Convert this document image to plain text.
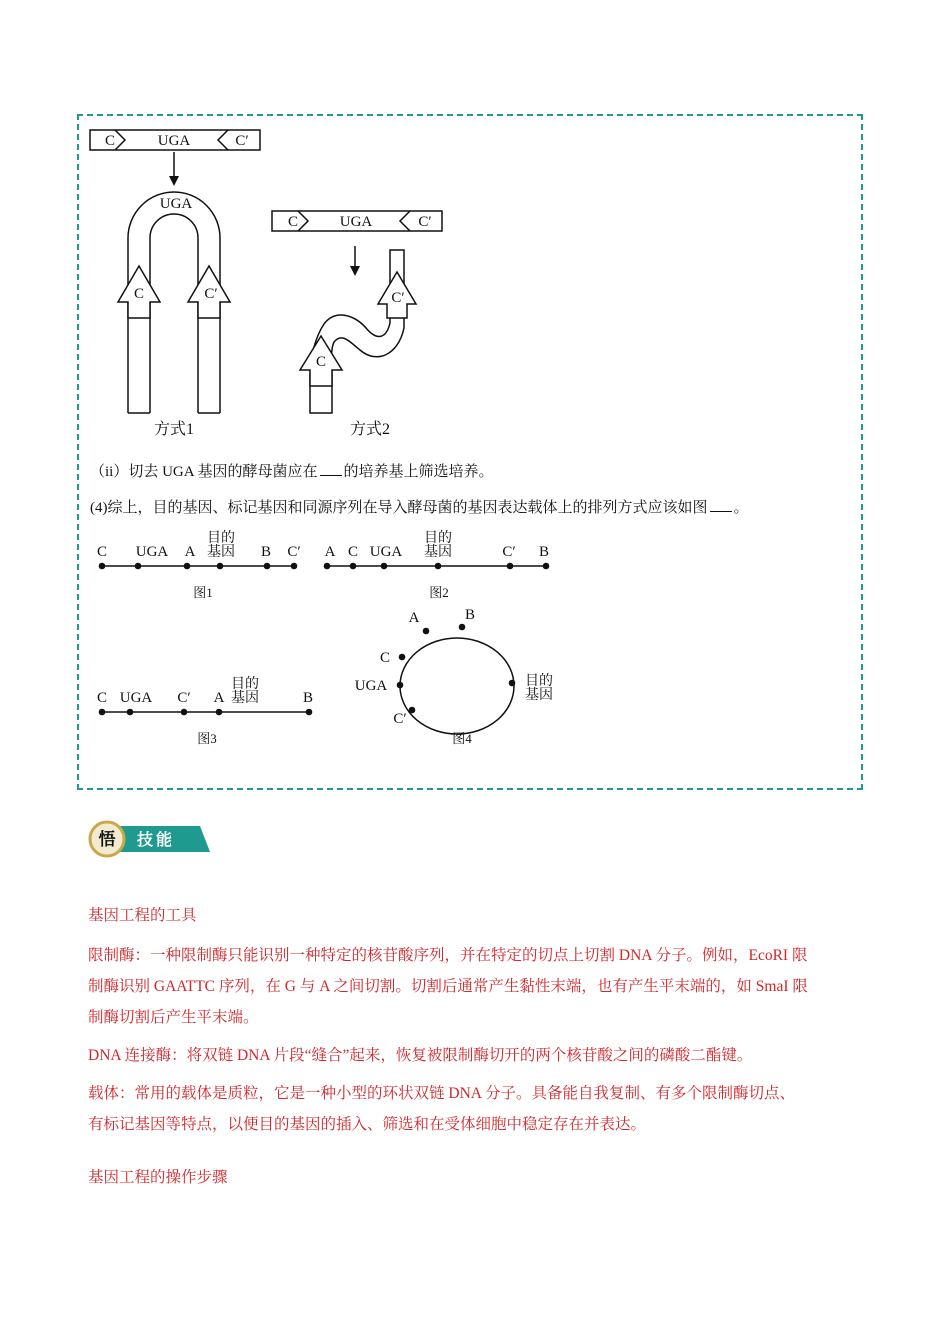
C	UGA	C′
UGA
C	C′
方式1
C	UGA	C′
C′
C
方式2
（ii）切去 UGA 基因的酵母菌应在 的培养基上筛选培养。
(4)综上，目的基因、标记基因和同源序列在导入酵母菌的基因表达载体上的排列方式应该如图 。
C UGA A
目的
基因 B C′
图1
A C UGA
目的
基因	C′ B
图2
C UGA C′ A
目的
基因	B
图3
A	B
C
UGA
C′
目的
基因
图4
悟 技能
基因工程的工具
限制酶：一种限制酶只能识别一种特定的核苷酸序列，并在特定的切点上切割 DNA 分子。例如，EcoRI 限
制酶识别 GAATTC 序列，在 G 与 A 之间切割。切割后通常产生黏性末端，也有产生平末端的，如 SmaI 限
制酶切割后产生平末端。
DNA 连接酶：将双链 DNA 片段“缝合”起来，恢复被限制酶切开的两个核苷酸之间的磷酸二酯键。
载体：常用的载体是质粒，它是一种小型的环状双链 DNA 分子。具备能自我复制、有多个限制酶切点、
有标记基因等特点，以便目的基因的插入、筛选和在受体细胞中稳定存在并表达。
基因工程的操作步骤
